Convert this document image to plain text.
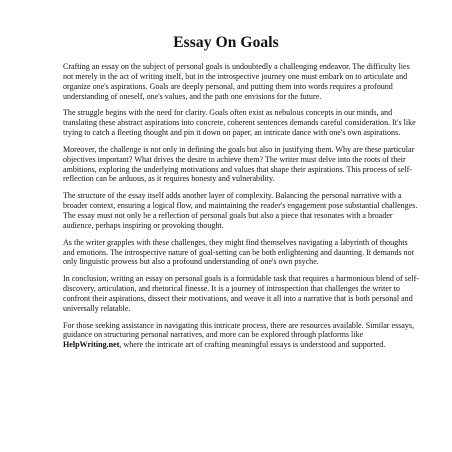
Essay On Goals

Crafting an essay on the subject of personal goals is undoubtedly a challenging endeavor. The difficulty lies not merely in the act of writing itself, but in the introspective journey one must embark on to articulate and organize one's aspirations. Goals are deeply personal, and putting them into words requires a profound understanding of oneself, one's values, and the path one envisions for the future.

The struggle begins with the need for clarity. Goals often exist as nebulous concepts in our minds, and translating these abstract aspirations into concrete, coherent sentences demands careful consideration. It's like trying to catch a fleeting thought and pin it down on paper, an intricate dance with one's own aspirations.

Moreover, the challenge is not only in defining the goals but also in justifying them. Why are these particular objectives important? What drives the desire to achieve them? The writer must delve into the roots of their ambitions, exploring the underlying motivations and values that shape their aspirations. This process of self-reflection can be arduous, as it requires honesty and vulnerability.

The structure of the essay itself adds another layer of complexity. Balancing the personal narrative with a broader context, ensuring a logical flow, and maintaining the reader's engagement pose substantial challenges. The essay must not only be a reflection of personal goals but also a piece that resonates with a broader audience, perhaps inspiring or provoking thought.

As the writer grapples with these challenges, they might find themselves navigating a labyrinth of thoughts and emotions. The introspective nature of goal-setting can be both enlightening and daunting. It demands not only linguistic prowess but also a profound understanding of one's own psyche.

In conclusion, writing an essay on personal goals is a formidable task that requires a harmonious blend of self-discovery, articulation, and rhetorical finesse. It is a journey of introspection that challenges the writer to confront their aspirations, dissect their motivations, and weave it all into a narrative that is both personal and universally relatable.

For those seeking assistance in navigating this intricate process, there are resources available. Similar essays, guidance on structuring personal narratives, and more can be explored through platforms like HelpWriting.net, where the intricate art of crafting meaningful essays is understood and supported.
